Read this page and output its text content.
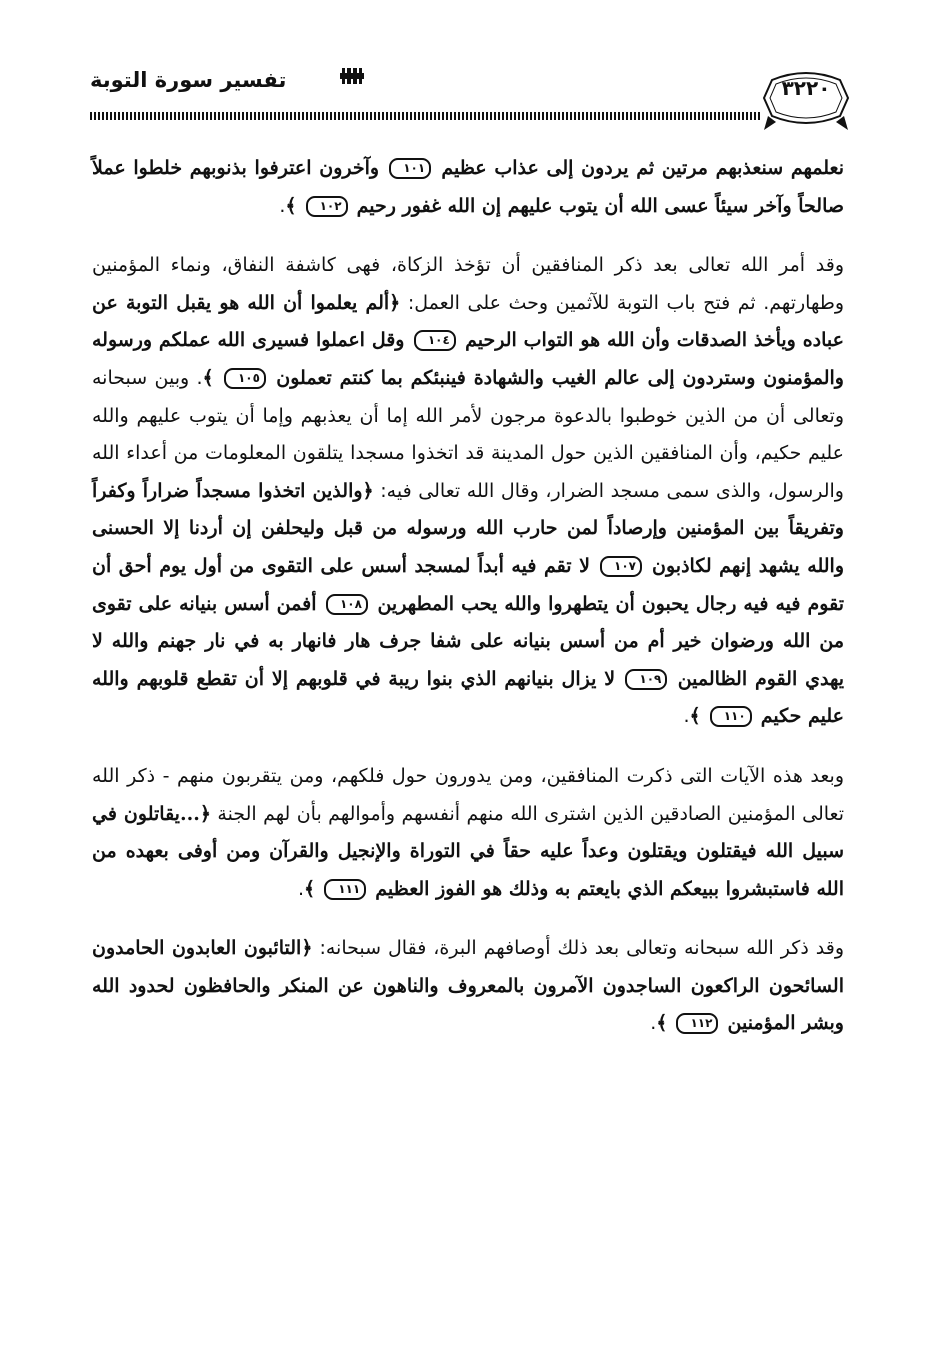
تفسير سورة التوبة	٣٢٢٠

نعلمهم سنعذبهم مرتين ثم يردون إلى عذاب عظيم ١٠١ وآخرون اعترفوا بذنوبهم خلطوا عملاً صالحاً وآخر سيئاً عسى الله أن يتوب عليهم إن الله غفور رحيم ١٠٢ ﴾.

وقد أمر الله تعالى بعد ذكر المنافقين أن تؤخذ الزكاة، فهى كاشفة النفاق، ونماء المؤمنين وطهارتهم. ثم فتح باب التوبة للآثمين وحث على العمل: ﴿ألم يعلموا أن الله هو يقبل التوبة عن عباده ويأخذ الصدقات وأن الله هو التواب الرحيم ١٠٤ وقل اعملوا فسيرى الله عملكم ورسوله والمؤمنون وستردون إلى عالم الغيب والشهادة فينبئكم بما كنتم تعملون ١٠٥ ﴾. وبين سبحانه وتعالى أن من الذين خوطبوا بالدعوة مرجون لأمر الله إما أن يعذبهم وإما أن يتوب عليهم والله عليم حكيم، وأن المنافقين الذين حول المدينة قد اتخذوا مسجدا يتلقون المعلومات من أعداء الله والرسول، والذى سمى مسجد الضرار، وقال الله تعالى فيه: ﴿والذين اتخذوا مسجداً ضراراً وكفراً وتفريقاً بين المؤمنين وإرصاداً لمن حارب الله ورسوله من قبل وليحلفن إن أردنا إلا الحسنى والله يشهد إنهم لكاذبون ١٠٧ لا تقم فيه أبداً لمسجد أسس على التقوى من أول يوم أحق أن تقوم فيه فيه رجال يحبون أن يتطهروا والله يحب المطهرين ١٠٨ أفمن أسس بنيانه على تقوى من الله ورضوان خير أم من أسس بنيانه على شفا جرف هار فانهار به في نار جهنم والله لا يهدي القوم الظالمين ١٠٩ لا يزال بنيانهم الذي بنوا ريبة في قلوبهم إلا أن تقطع قلوبهم والله عليم حكيم ١١٠ ﴾.

وبعد هذه الآيات التى ذكرت المنافقين، ومن يدورون حول فلكهم، ومن يتقربون منهم - ذكر الله تعالى المؤمنين الصادقين الذين اشترى الله منهم أنفسهم وأموالهم بأن لهم الجنة ﴿...يقاتلون في سبيل الله فيقتلون ويقتلون وعداً عليه حقاً في التوراة والإنجيل والقرآن ومن أوفى بعهده من الله فاستبشروا ببيعكم الذي بايعتم به وذلك هو الفوز العظيم ١١١ ﴾.

وقد ذكر الله سبحانه وتعالى بعد ذلك أوصافهم البرة، فقال سبحانه: ﴿التائبون العابدون الحامدون السائحون الراكعون الساجدون الآمرون بالمعروف والناهون عن المنكر والحافظون لحدود الله وبشر المؤمنين ١١٢ ﴾.
